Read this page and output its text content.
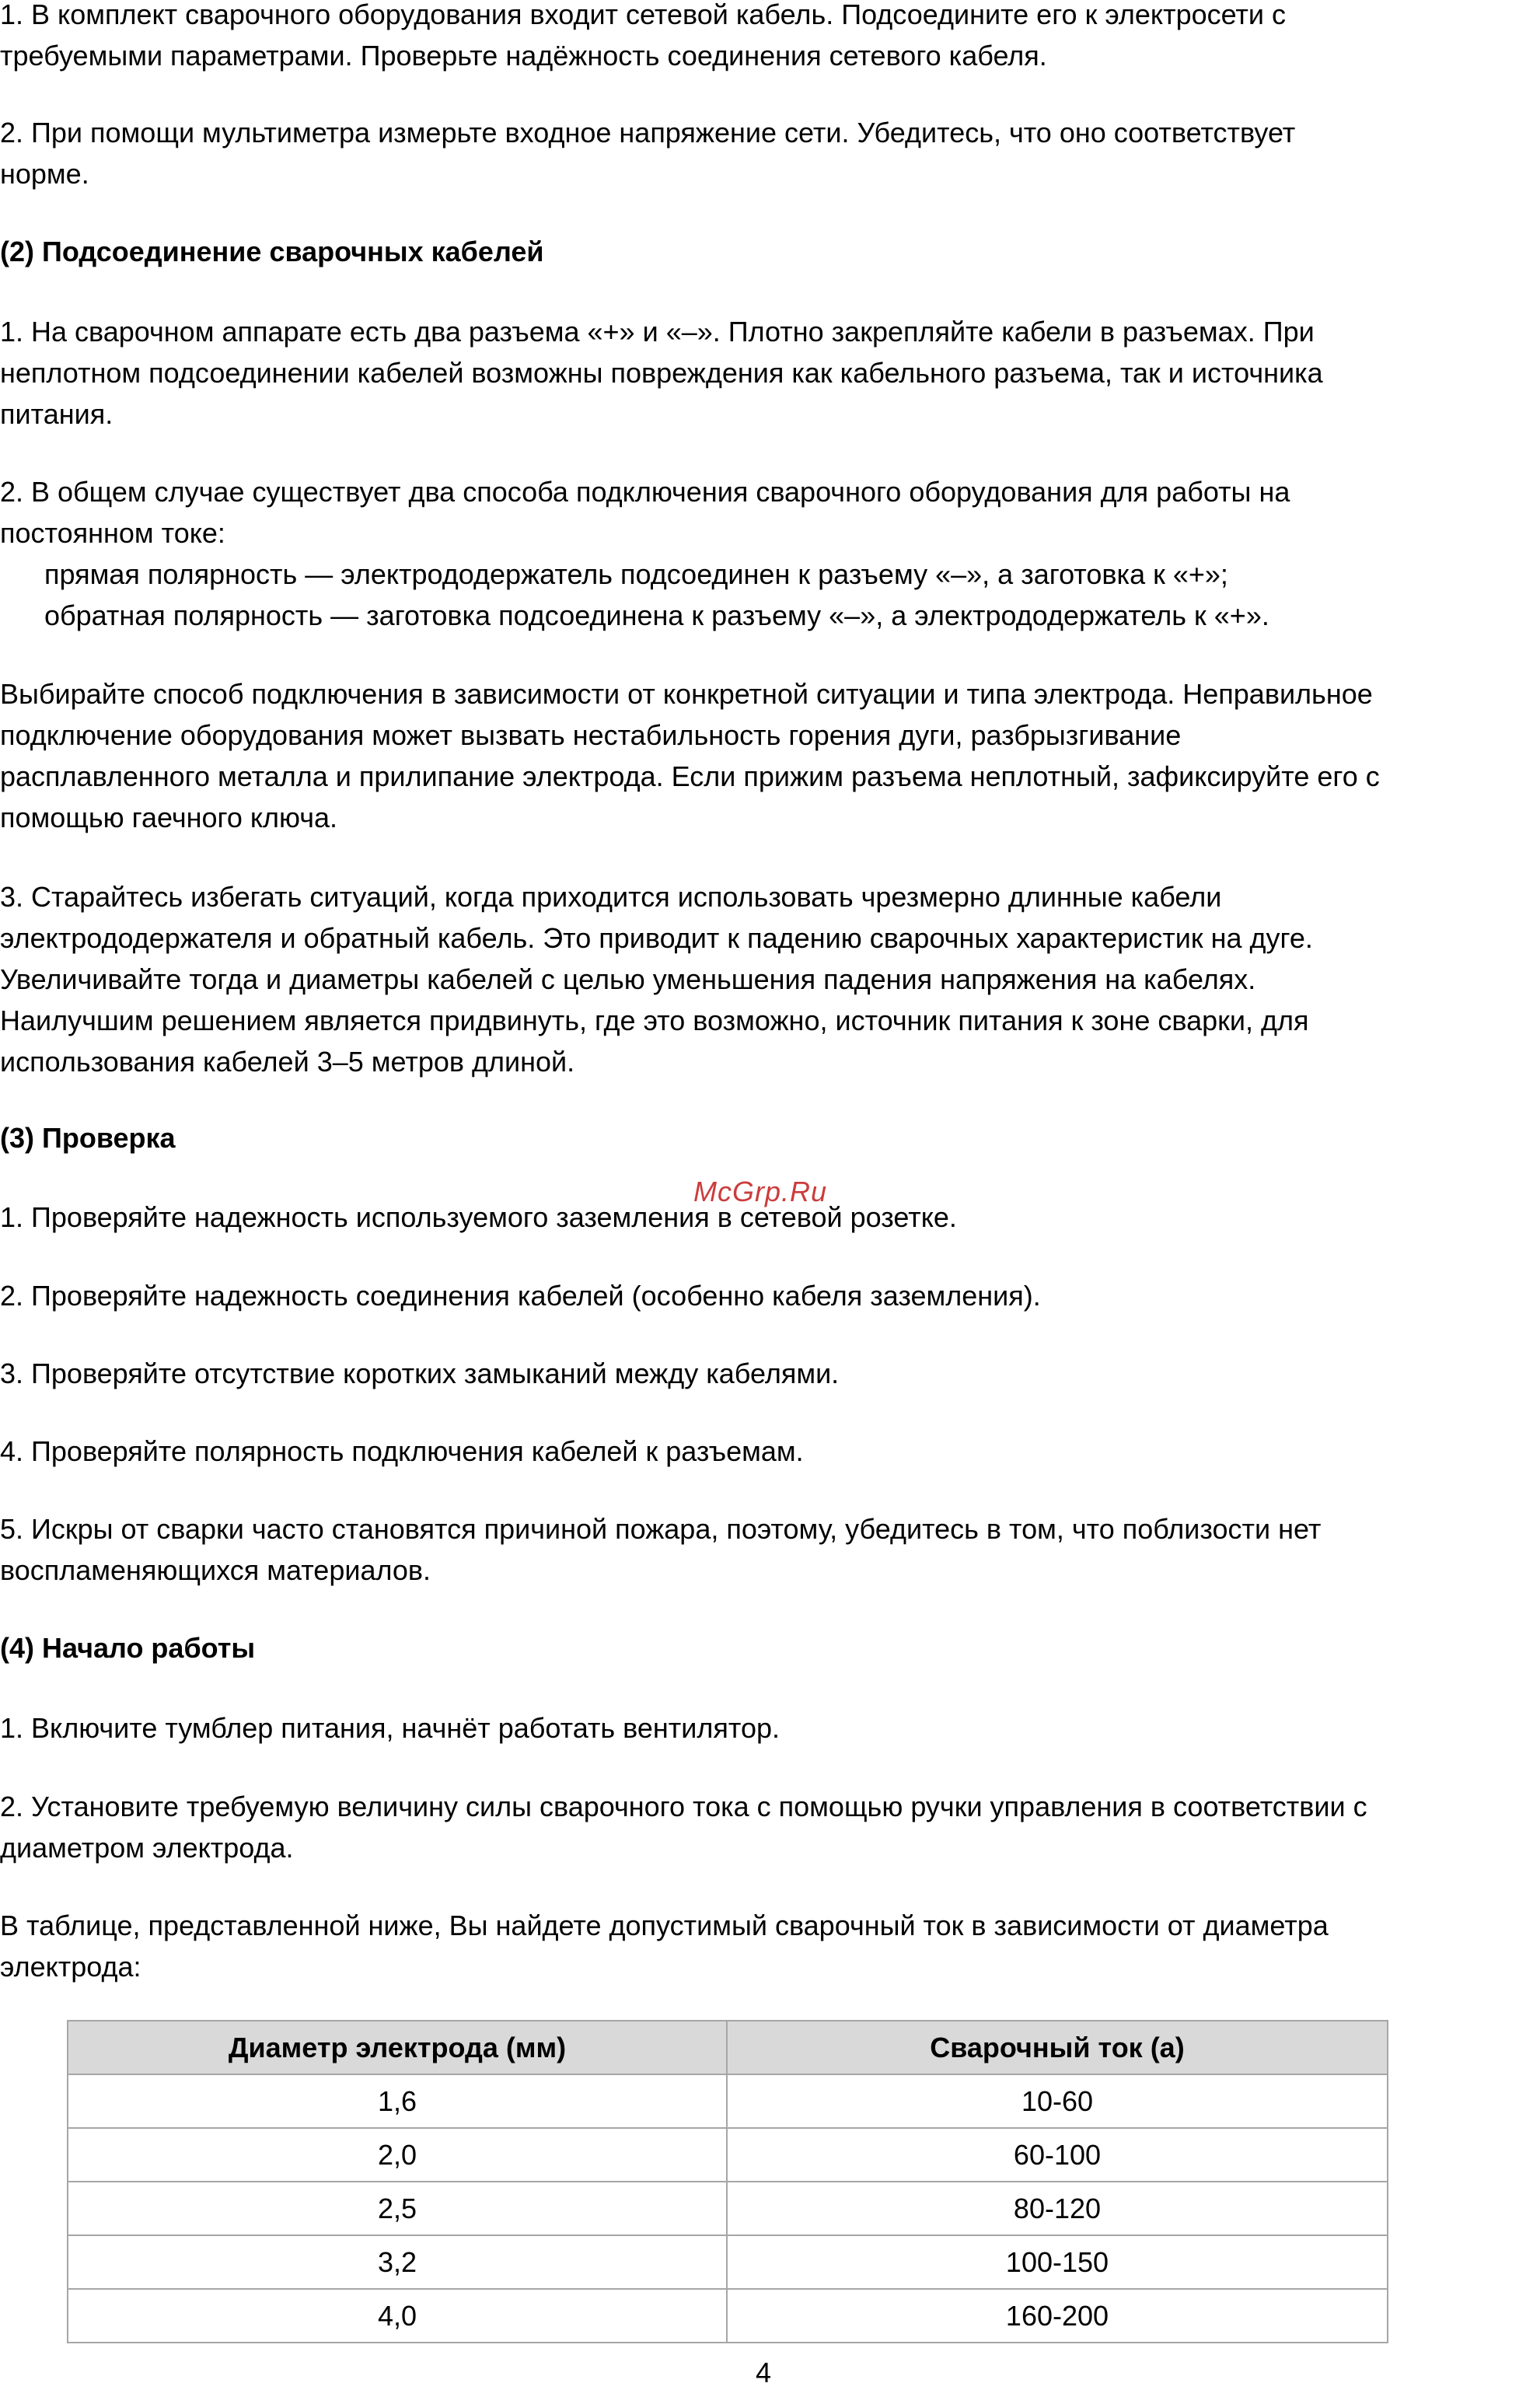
1. В комплект сварочного оборудования входит сетевой кабель. Подсоедините его к электросети с
требуемыми параметрами. Проверьте надёжность соединения сетевого кабеля.

2. При помощи мультиметра измерьте входное напряжение сети. Убедитесь, что оно соответствует
норме.

(2) Подсоединение сварочных кабелей

1. На сварочном аппарате есть два разъема «+» и «–». Плотно закрепляйте кабели в разъемах. При
неплотном подсоединении кабелей возможны повреждения как кабельного разъема, так и источника
питания.

2. В общем случае существует два способа подключения сварочного оборудования для работы на
постоянном токе:

прямая полярность — электрододержатель подсоединен к разъему «–», а заготовка к «+»;

обратная полярность — заготовка подсоединена к разъему «–», а электрододержатель к «+».

Выбирайте способ подключения в зависимости от конкретной ситуации и типа электрода. Неправильное
подключение оборудования может вызвать нестабильность горения дуги, разбрызгивание
расплавленного металла и прилипание электрода. Если прижим разъема неплотный, зафиксируйте его с
помощью гаечного ключа.

3. Старайтесь избегать ситуаций, когда приходится использовать чрезмерно длинные кабели
электрододержателя и обратный кабель. Это приводит к падению сварочных характеристик на дуге.
Увеличивайте тогда и диаметры кабелей с целью уменьшения падения напряжения на кабелях.
Наилучшим решением является придвинуть, где это возможно, источник питания к зоне сварки, для
использования кабелей 3–5 метров длиной.

(3) Проверка

McGrp.Ru

1. Проверяйте надежность используемого заземления в сетевой розетке.

2. Проверяйте надежность соединения кабелей (особенно кабеля заземления).

3. Проверяйте отсутствие коротких замыканий между кабелями.

4. Проверяйте полярность подключения кабелей к разъемам.

5. Искры от сварки часто становятся причиной пожара, поэтому, убедитесь в том, что поблизости нет
воспламеняющихся материалов.

(4) Начало работы

1. Включите тумблер питания, начнёт работать вентилятор.

2. Установите требуемую величину силы сварочного тока с помощью ручки управления в соответствии с
диаметром электрода.

В таблице, представленной ниже, Вы найдете допустимый сварочный ток в зависимости от диаметра
электрода:

Диаметр электрода (мм)	Сварочный ток (а)
1,6	10-60
2,0	60-100
2,5	80-120
3,2	100-150
4,0	160-200
4
